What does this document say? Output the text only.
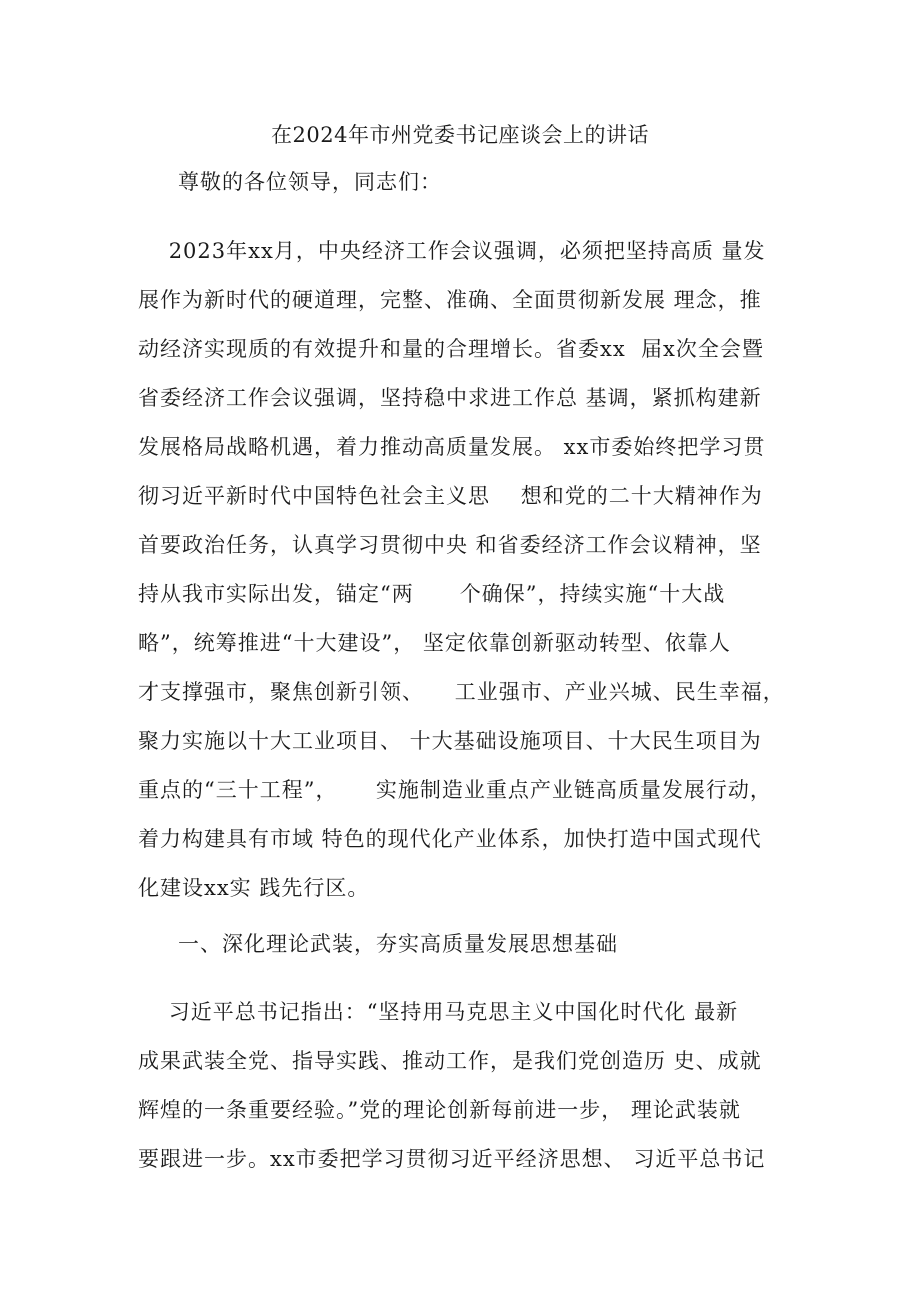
在2024年市州党委书记座谈会上的讲话
尊敬的各位领导，同志们：
2023年xx月，中央经济工作会议强调，必须把坚持高质 量发
展作为新时代的硬道理，完整、准确、全面贯彻新发展 理念，推
动经济实现质的有效提升和量的合理增长。省委xx  届x次全会暨
省委经济工作会议强调，坚持稳中求进工作总 基调，紧抓构建新
发展格局战略机遇，着力推动高质量发展。 xx市委始终把学习贯
彻习近平新时代中国特色社会主义思    想和党的二十大精神作为
首要政治任务，认真学习贯彻中央 和省委经济工作会议精神，坚
持从我市实际出发，锚定“两      个确保”，持续实施“十大战
略”，统筹推进“十大建设”， 坚定依靠创新驱动转型、依靠人
才支撑强市，聚焦创新引领、    工业强市、产业兴城、民生幸福，
聚力实施以十大工业项目、 十大基础设施项目、十大民生项目为
重点的“三十工程”，     实施制造业重点产业链高质量发展行动，
着力构建具有市域 特色的现代化产业体系，加快打造中国式现代
化建设xx实 践先行区。
一、深化理论武装，夯实高质量发展思想基础
习近平总书记指出：“坚持用马克思主义中国化时代化 最新
成果武装全党、指导实践、推动工作，是我们党创造历 史、成就
辉煌的一条重要经验。”党的理论创新每前进一步， 理论武装就
要跟进一步。xx市委把学习贯彻习近平经济思想、 习近平总书记
